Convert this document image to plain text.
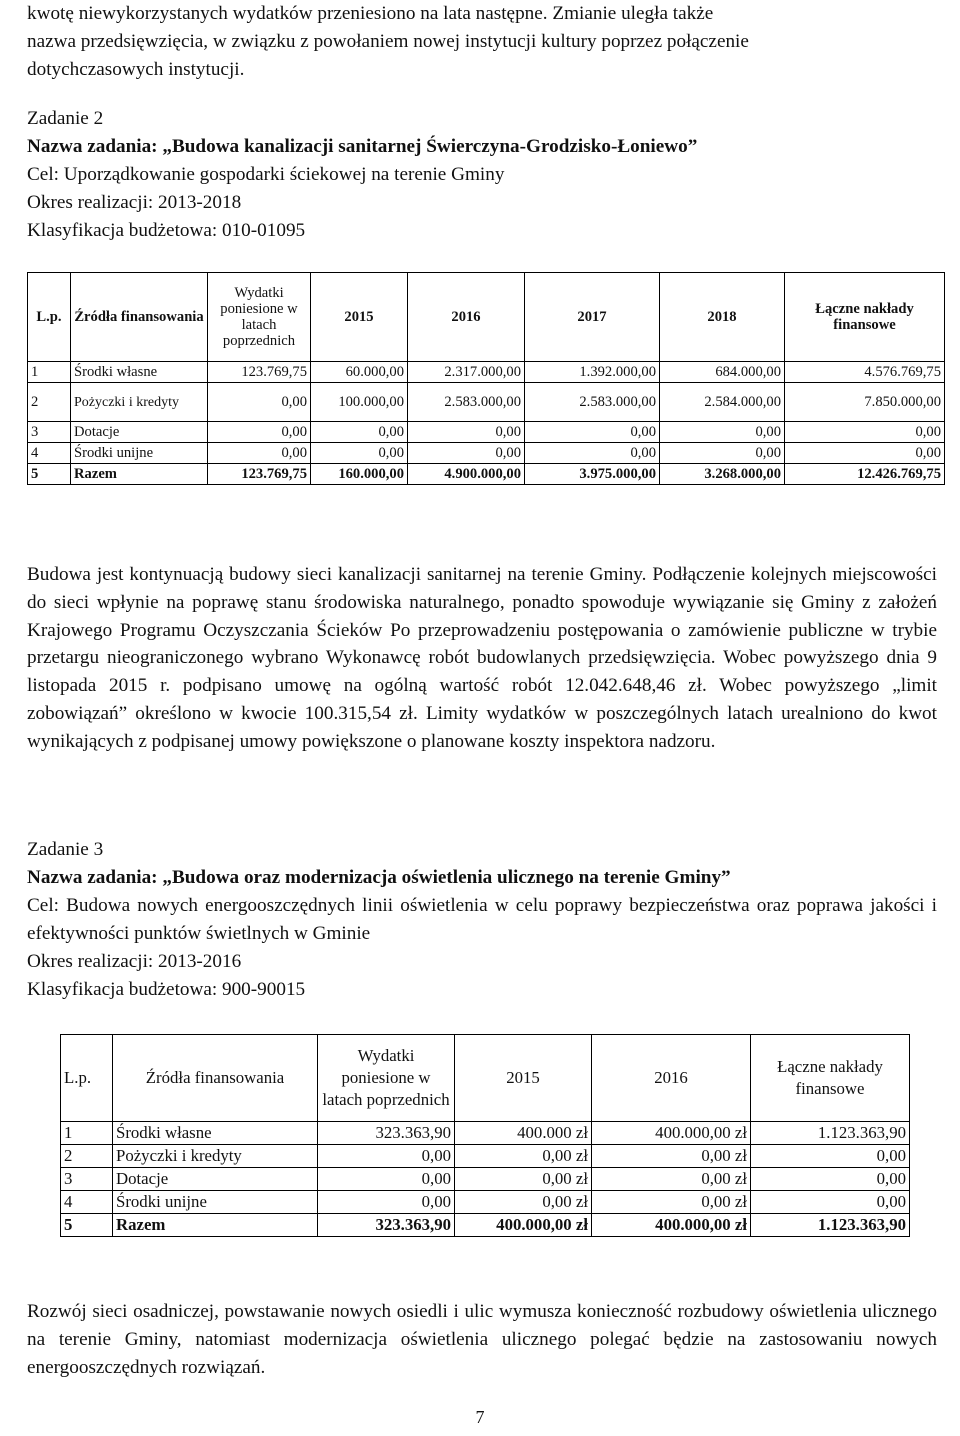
kwotę niewykorzystanych wydatków przeniesiono na lata następne. Zmianie uległa także

nazwa przedsięwzięcia, w związku z powołaniem nowej instytucji kultury poprzez połączenie

dotychczasowych instytucji.

Zadanie 2

Nazwa zadania: „Budowa kanalizacji sanitarnej Świerczyna-Grodzisko-Łoniewo”

Cel: Uporządkowanie gospodarki ściekowej na terenie Gminy

Okres realizacji: 2013-2018

Klasyfikacja budżetowa: 010-01095

Budowa jest kontynuacją budowy sieci kanalizacji sanitarnej na terenie Gminy. Podłączenie kolejnych miejscowości do sieci wpłynie na poprawę stanu środowiska naturalnego, ponadto spowoduje wywiązanie się Gminy z założeń Krajowego Programu Oczyszczania Ścieków Po przeprowadzeniu postępowania o zamówienie publiczne w trybie przetargu nieograniczonego wybrano Wykonawcę robót budowlanych przedsięwzięcia. Wobec powyższego dnia 9 listopada 2015 r. podpisano umowę na ogólną wartość robót 12.042.648,46 zł. Wobec powyższego „limit zobowiązań” określono w kwocie 100.315,54 zł. Limity wydatków w poszczególnych latach urealniono do kwot wynikających z podpisanej umowy powiększone o planowane koszty inspektora nadzoru.

Zadanie 3

Nazwa zadania: „Budowa oraz modernizacja oświetlenia ulicznego na terenie Gminy”

Cel: Budowa nowych energooszczędnych linii oświetlenia w celu poprawy bezpieczeństwa oraz poprawa jakości i efektywności punktów świetlnych w Gminie

Okres realizacji: 2013-2016

Klasyfikacja budżetowa: 900-90015

Rozwój sieci osadniczej, powstawanie nowych osiedli i ulic wymusza konieczność rozbudowy oświetlenia ulicznego na terenie Gminy, natomiast modernizacja oświetlenia ulicznego polegać będzie na zastosowaniu nowych energooszczędnych rozwiązań.

L.p.	Źródła finansowania	Wydatki poniesione w latach poprzednich	2015	2016	2017	2018	Łączne nakłady finansowe
1	Środki własne	123.769,75	60.000,00	2.317.000,00	1.392.000,00	684.000,00	4.576.769,75
2	Pożyczki i kredyty	0,00	100.000,00	2.583.000,00	2.583.000,00	2.584.000,00	7.850.000,00
3	Dotacje	0,00	0,00	0,00	0,00	0,00	0,00
4	Środki unijne	0,00	0,00	0,00	0,00	0,00	0,00
5	Razem	123.769,75	160.000,00	4.900.000,00	3.975.000,00	3.268.000,00	12.426.769,75
L.p.	Źródła finansowania	Wydatki poniesione w latach poprzednich	2015	2016	Łączne nakłady finansowe
1	Środki własne	323.363,90	400.000 zł	400.000,00 zł	1.123.363,90
2	Pożyczki i kredyty	0,00	0,00 zł	0,00 zł	0,00
3	Dotacje	0,00	0,00 zł	0,00 zł	0,00
4	Środki unijne	0,00	0,00 zł	0,00 zł	0,00
5	Razem	323.363,90	400.000,00 zł	400.000,00 zł	1.123.363,90
7
